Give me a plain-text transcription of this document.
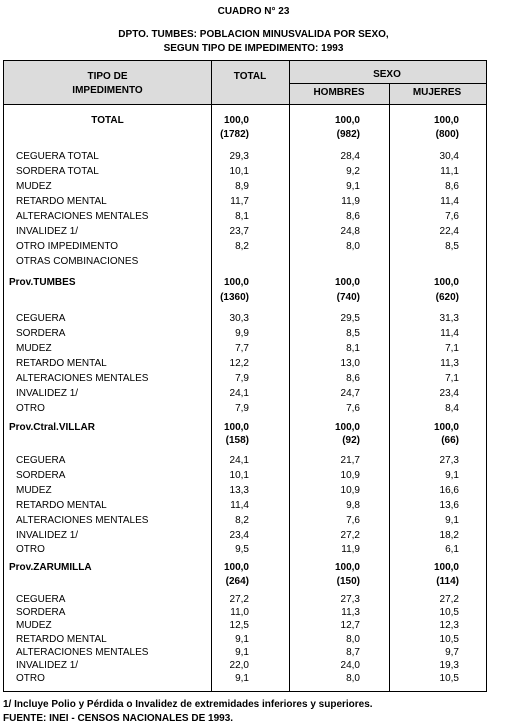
CUADRO N° 23
DPTO. TUMBES: POBLACION MINUSVALIDA POR SEXO,
SEGUN TIPO DE IMPEDIMENTO: 1993
TIPO DE
IMPEDIMENTO
TOTAL	SEXO
HOMBRES	MUJERES
TOTAL	100,0	100,0	100,0
(1782)	(982)	(800)
CEGUERA TOTAL	29,3	28,4	30,4
SORDERA TOTAL	10,1	9,2	11,1
MUDEZ	8,9	9,1	8,6
RETARDO MENTAL	11,7	11,9	11,4
ALTERACIONES MENTALES	8,1	8,6	7,6
INVALIDEZ 1/	23,7	24,8	22,4
OTRO IMPEDIMENTO	8,2	8,0	8,5
OTRAS COMBINACIONES
Prov.TUMBES	100,0	100,0	100,0
(1360)	(740)	(620)
CEGUERA	30,3	29,5	31,3
SORDERA	9,9	8,5	11,4
MUDEZ	7,7	8,1	7,1
RETARDO MENTAL	12,2	13,0	11,3
ALTERACIONES MENTALES	7,9	8,6	7,1
INVALIDEZ 1/	24,1	24,7	23,4
OTRO	7,9	7,6	8,4
Prov.Ctral.VILLAR	100,0	100,0	100,0
(158)	(92)	(66)
CEGUERA	24,1	21,7	27,3
SORDERA	10,1	10,9	9,1
MUDEZ	13,3	10,9	16,6
RETARDO MENTAL	11,4	9,8	13,6
ALTERACIONES MENTALES	8,2	7,6	9,1
INVALIDEZ 1/	23,4	27,2	18,2
OTRO	9,5	11,9	6,1
Prov.ZARUMILLA	100,0	100,0	100,0
(264)	(150)	(114)
CEGUERA	27,2	27,3	27,2
SORDERA	11,0	11,3	10,5
MUDEZ	12,5	12,7	12,3
RETARDO MENTAL	9,1	8,0	10,5
ALTERACIONES MENTALES	9,1	8,7	9,7
INVALIDEZ 1/	22,0	24,0	19,3
OTRO	9,1	8,0	10,5
1/ Incluye Polio y Pérdida o Invalidez de extremidades inferiores y superiores.
FUENTE: INEI - CENSOS NACIONALES DE 1993.
